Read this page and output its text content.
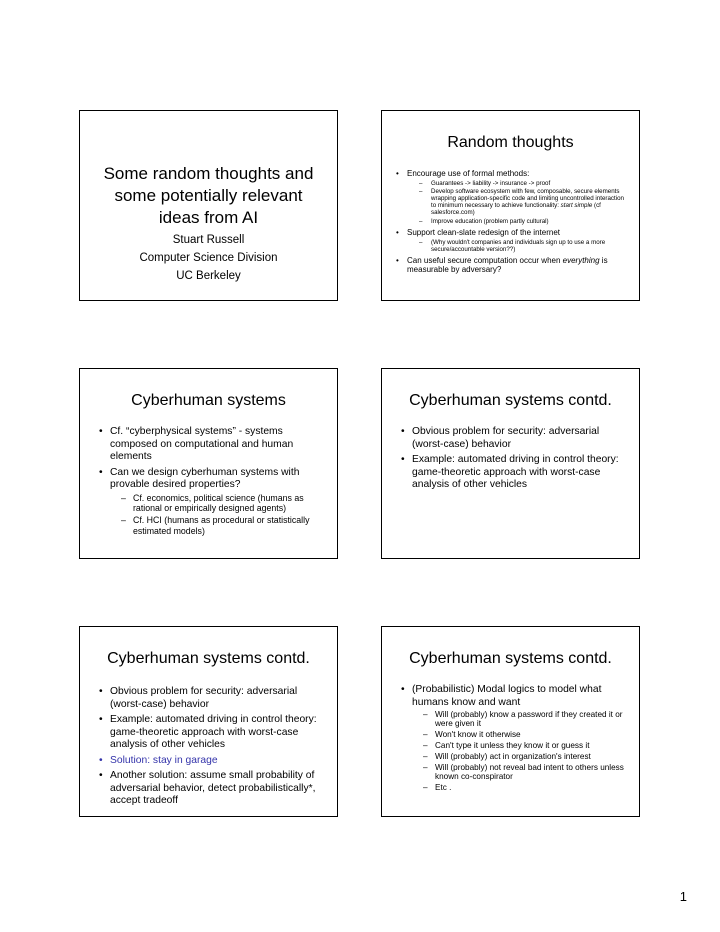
Some random thoughts and
some potentially relevant
ideas from AI
Stuart Russell
Computer Science Division
UC Berkeley
Random thoughts
• Encourage use of formal methods:
– Guarantees -> liability -> insurance -> proof
– Develop software ecosystem with few, composable, secure elements wrapping application-specific code and limiting uncontrolled interaction to minimum necessary to achieve functionality: start simple (cf salesforce.com)
– Improve education (problem partly cultural)
• Support clean-slate redesign of the internet
– (Why wouldn't companies and individuals sign up to use a more secure/accountable version??)
• Can useful secure computation occur when everything is measurable by adversary?
Cyberhuman systems
• Cf. “cyberphysical systems” - systems composed on computational and human elements
• Can we design cyberhuman systems with provable desired properties?
– Cf. economics, political science (humans as rational or empirically designed agents)
– Cf. HCI (humans as procedural or statistically estimated models)
Cyberhuman systems contd.
• Obvious problem for security: adversarial (worst-case) behavior
• Example: automated driving in control theory: game-theoretic approach with worst-case analysis of other vehicles
Cyberhuman systems contd.
• Obvious problem for security: adversarial (worst-case) behavior
• Example: automated driving in control theory: game-theoretic approach with worst-case analysis of other vehicles
• Solution: stay in garage
• Another solution: assume small probability of adversarial behavior, detect probabilistically*, accept tradeoff
Cyberhuman systems contd.
• (Probabilistic) Modal logics to model what humans know and want
– Will (probably) know a password if they created it or were given it
– Won't know it otherwise
– Can't type it unless they know it or guess it
– Will (probably) act in organization's interest
– Will (probably) not reveal bad intent to others unless known co-conspirator
– Etc .
1
